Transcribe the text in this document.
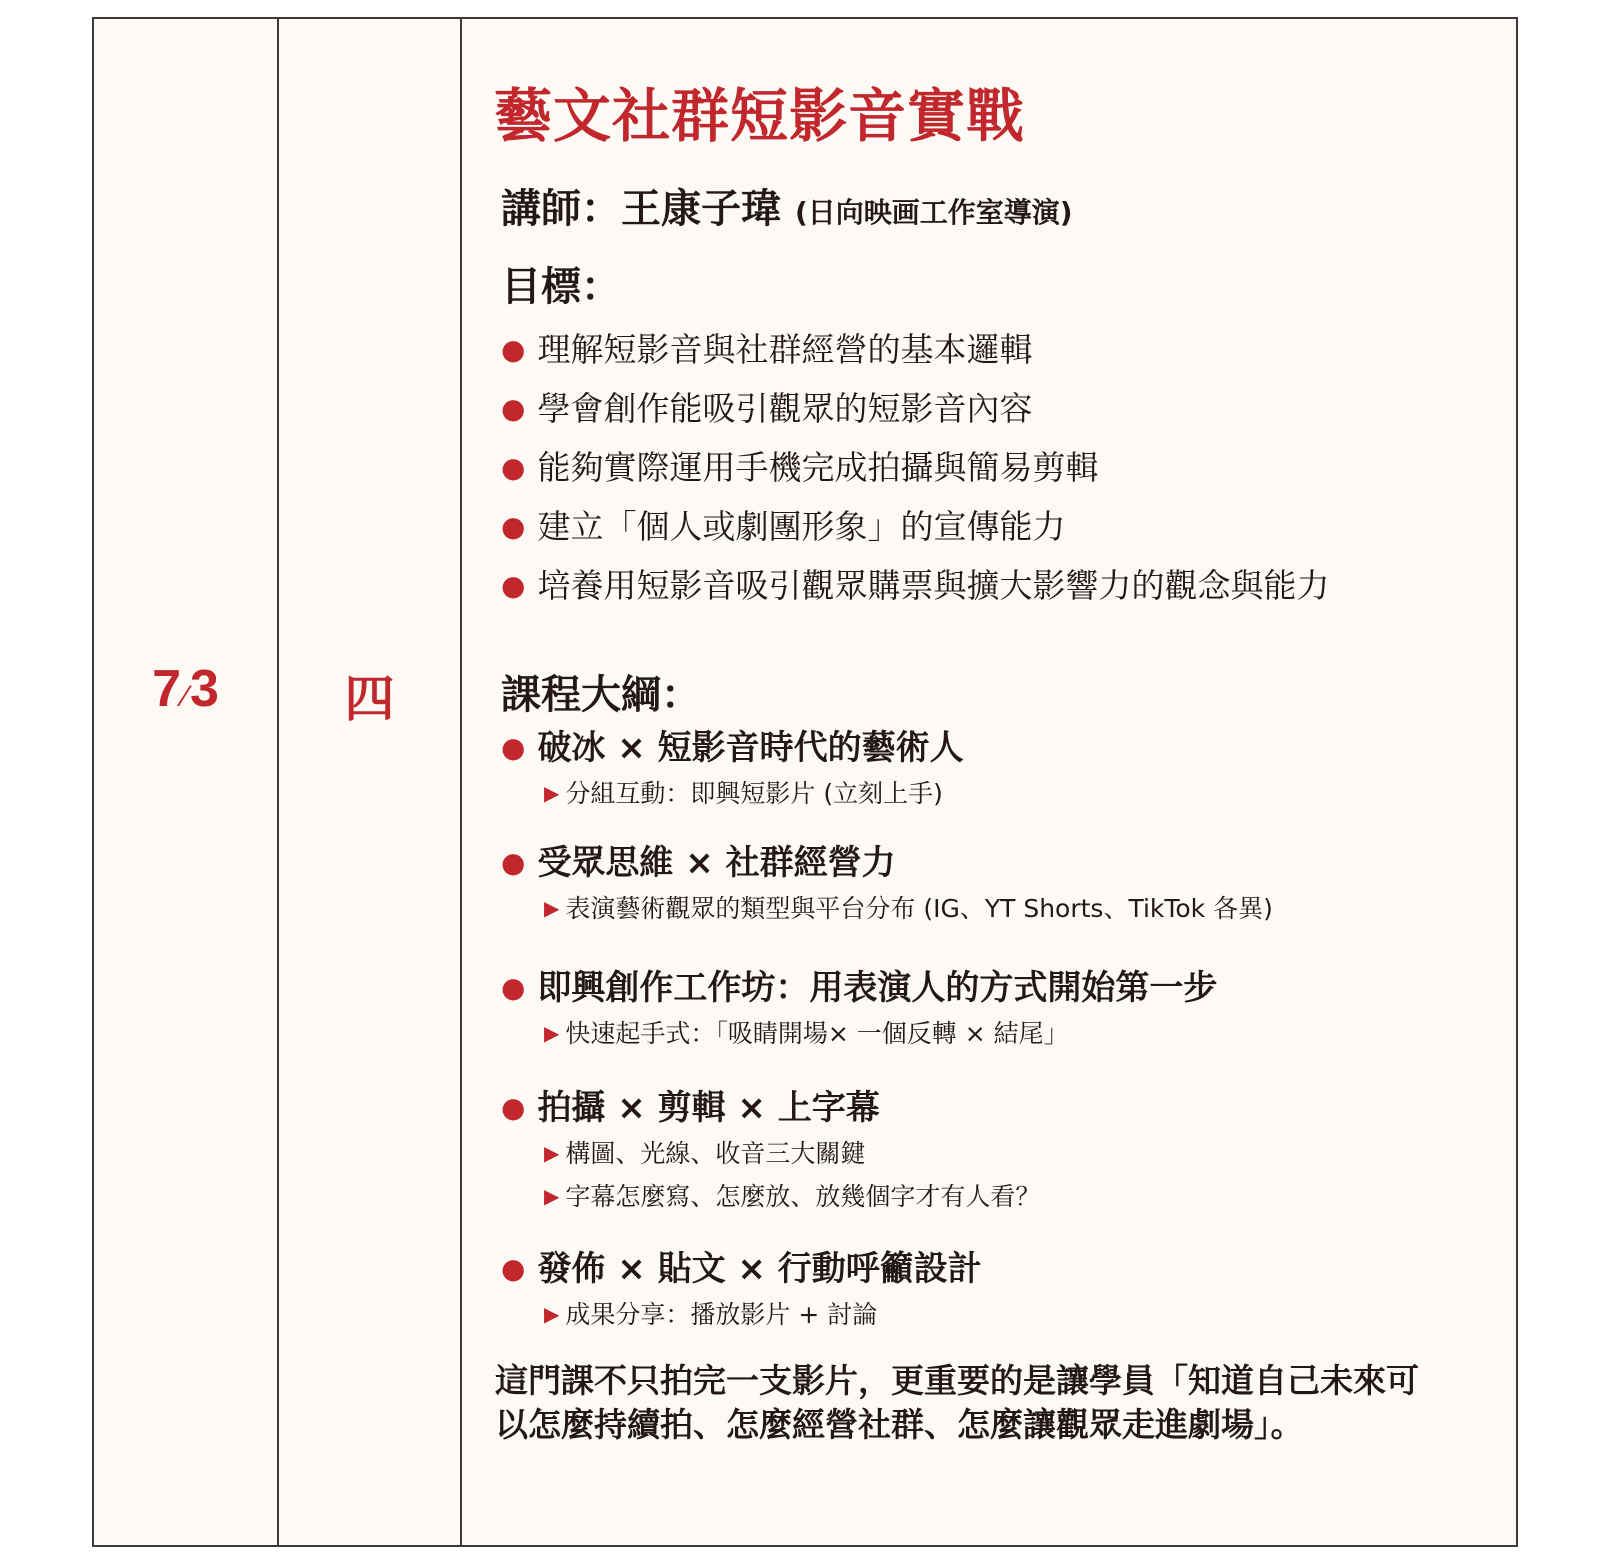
7⁄3	四
藝文社群短影音實戰
講師：王康子瑋 (日向映画工作室導演)
目標：
● 理解短影音與社群經營的基本邏輯
● 學會創作能吸引觀眾的短影音內容
● 能夠實際運用手機完成拍攝與簡易剪輯
● 建立「個人或劇團形象」的宣傳能力
● 培養用短影音吸引觀眾購票與擴大影響力的觀念與能力
課程大綱：
● 破冰 × 短影音時代的藝術人
▶ 分組互動：即興短影片 (立刻上手)
● 受眾思維 × 社群經營力
▶ 表演藝術觀眾的類型與平台分布 (IG、YT Shorts、TikTok 各異)
● 即興創作工作坊：用表演人的方式開始第一步
▶ 快速起手式：「吸睛開場× 一個反轉 × 結尾」
● 拍攝 × 剪輯 × 上字幕
▶ 構圖、光線、收音三大關鍵
▶ 字幕怎麼寫、怎麼放、放幾個字才有人看？
● 發佈 × 貼文 × 行動呼籲設計
▶ 成果分享：播放影片 + 討論

這門課不只拍完一支影片，更重要的是讓學員「知道自己未來可以怎麼持續拍、怎麼經營社群、怎麼讓觀眾走進劇場」。
